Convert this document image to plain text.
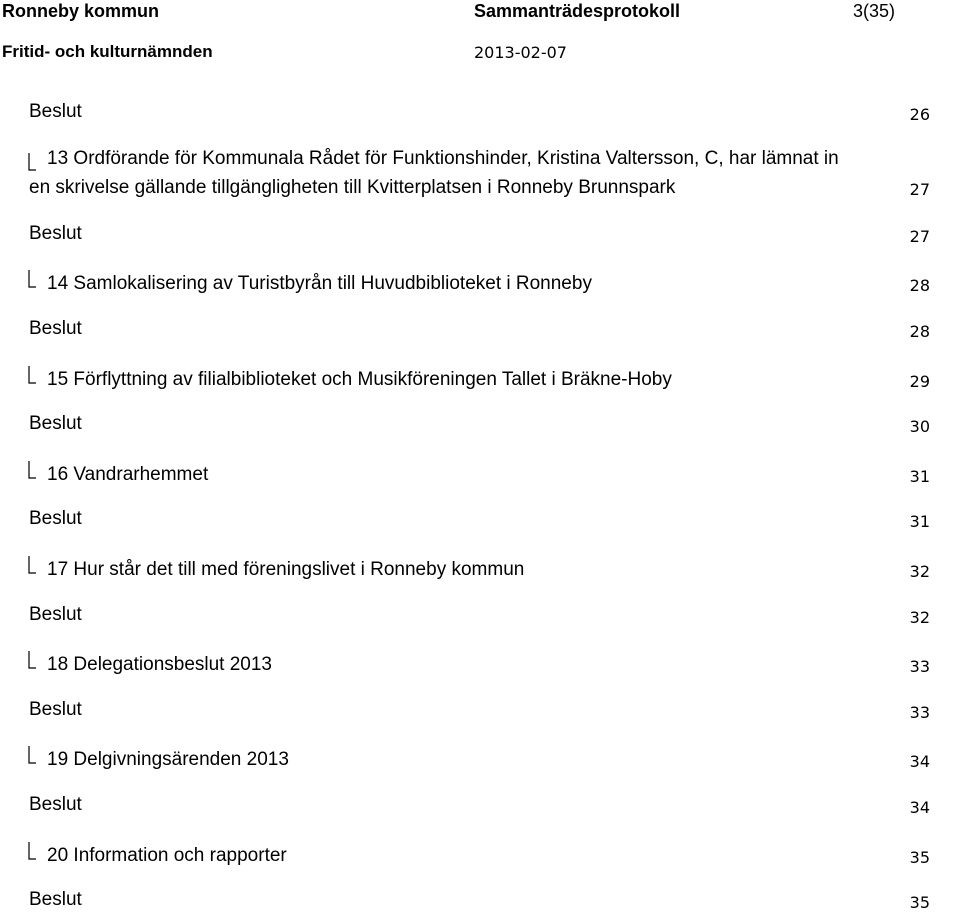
Ronneby kommun	Sammanträdesprotokoll	3(35)
Fritid- och kulturnämnden	2013-02-07
Beslut	26
13 Ordförande för Kommunala Rådet för Funktionshinder, Kristina Valtersson, C, har lämnat in
en skrivelse gällande tillgängligheten till Kvitterplatsen i Ronneby Brunnspark	27
Beslut	27
14 Samlokalisering av Turistbyrån till Huvudbiblioteket i Ronneby	28
Beslut	28
15 Förflyttning av filialbiblioteket och Musikföreningen Tallet i Bräkne-Hoby	29
Beslut	30
16 Vandrarhemmet	31
Beslut	31
17 Hur står det till med föreningslivet i Ronneby kommun	32
Beslut	32
18 Delegationsbeslut 2013	33
Beslut	33
19 Delgivningsärenden 2013	34
Beslut	34
20 Information och rapporter	35
Beslut	35
